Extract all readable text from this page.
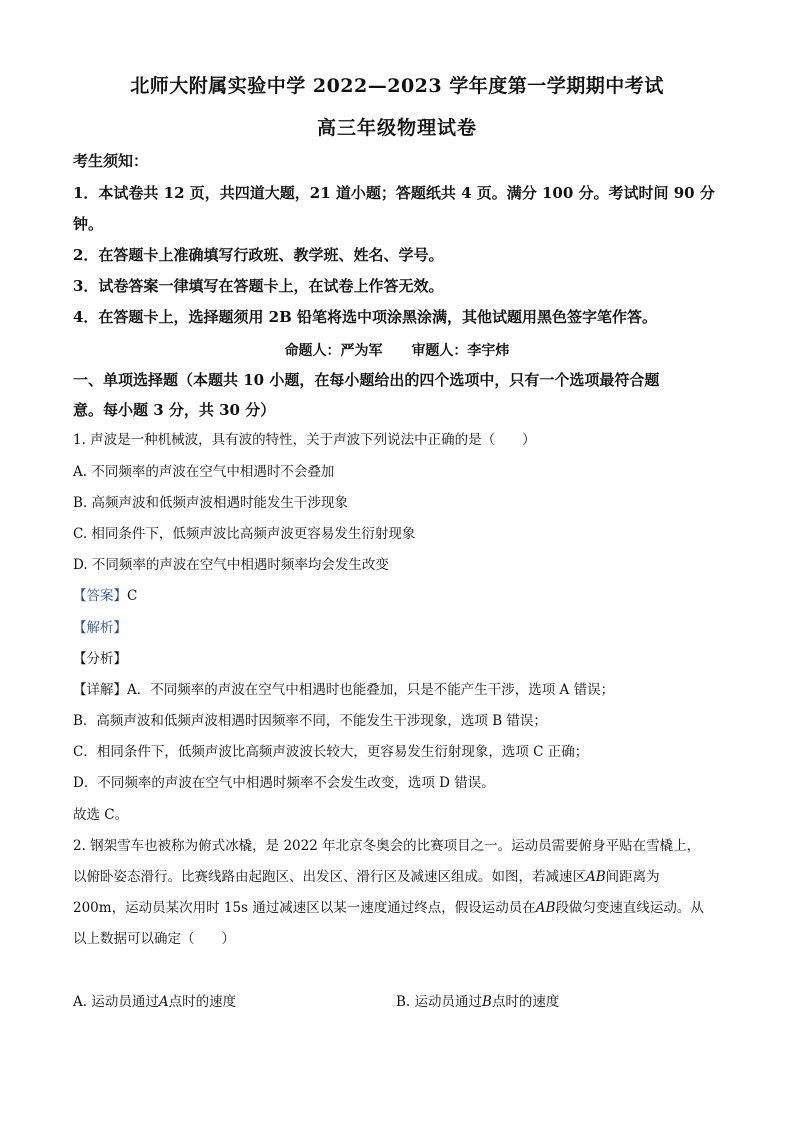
北师大附属实验中学 2022—2023 学年度第一学期期中考试
高三年级物理试卷
考生须知：
1．本试卷共 12 页，共四道大题，21 道小题；答题纸共 4 页。满分 100 分。考试时间 90 分
钟。
2．在答题卡上准确填写行政班、教学班、姓名、学号。
3．试卷答案一律填写在答题卡上，在试卷上作答无效。
4．在答题卡上，选择题须用 2B 铅笔将选中项涂黑涂满，其他试题用黑色签字笔作答。
命题人：严为军 审题人：李宇炜
一、单项选择题（本题共 10 小题，在每小题给出的四个选项中，只有一个选项最符合题
意。每小题 3 分，共 30 分）
1. 声波是一种机械波，具有波的特性，关于声波下列说法中正确的是（　　）
A. 不同频率的声波在空气中相遇时不会叠加
B. 高频声波和低频声波相遇时能发生干涉现象
C. 相同条件下，低频声波比高频声波更容易发生衍射现象
D. 不同频率的声波在空气中相遇时频率均会发生改变
【答案】C
【解析】
【分析】
【详解】A．不同频率的声波在空气中相遇时也能叠加，只是不能产生干涉，选项 A 错误；
B．高频声波和低频声波相遇时因频率不同，不能发生干涉现象，选项 B 错误；
C．相同条件下，低频声波比高频声波波长较大，更容易发生衍射现象，选项 C 正确；
D．不同频率的声波在空气中相遇时频率不会发生改变，选项 D 错误。
故选 C。
2. 钢架雪车也被称为俯式冰橇，是 2022 年北京冬奥会的比赛项目之一。运动员需要俯身平贴在雪橇上，
以俯卧姿态滑行。比赛线路由起跑区、出发区、滑行区及减速区组成。如图，若减速区AB间距离为
200m，运动员某次用时 15s 通过减速区以某一速度通过终点，假设运动员在AB段做匀变速直线运动。从
以上数据可以确定（　　）
A. 运动员通过A点时的速度	B. 运动员通过B点时的速度
